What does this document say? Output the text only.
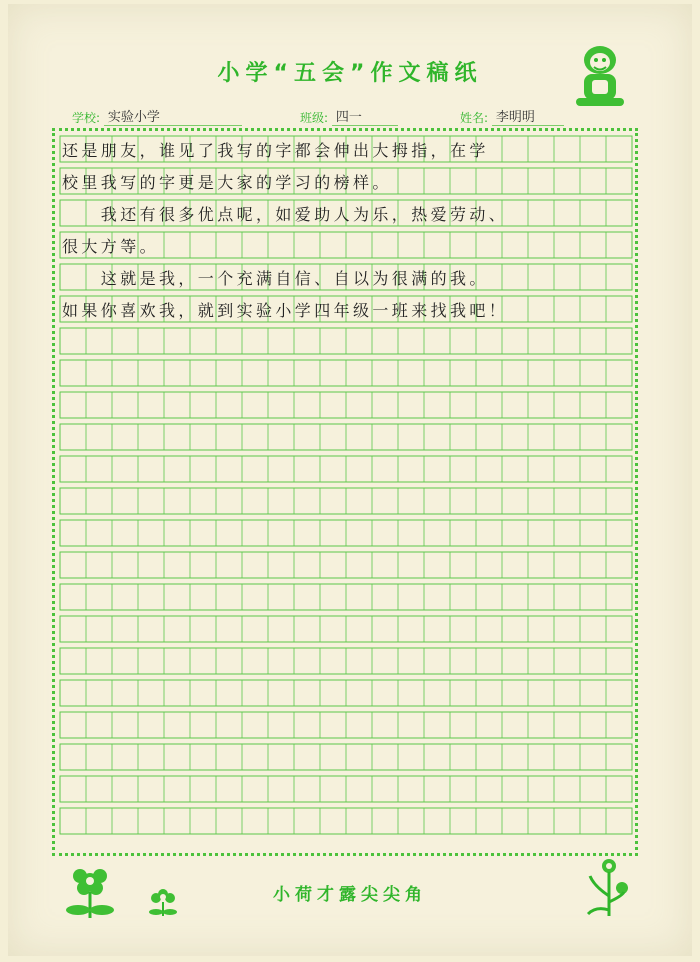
小学“五会”作文稿纸
学校: 实验小学	班级: 四一	姓名: 李明明
还是朋友，谁见了我写的字都会伸出大拇指，在学
校里我写的字更是大家的学习的榜样。
　　我还有很多优点呢，如爱助人为乐，热爱劳动、
很大方等。
　　这就是我，一个充满自信、自以为很满的我。
如果你喜欢我，就到实验小学四年级一班来找我吧！
小荷才露尖尖角
